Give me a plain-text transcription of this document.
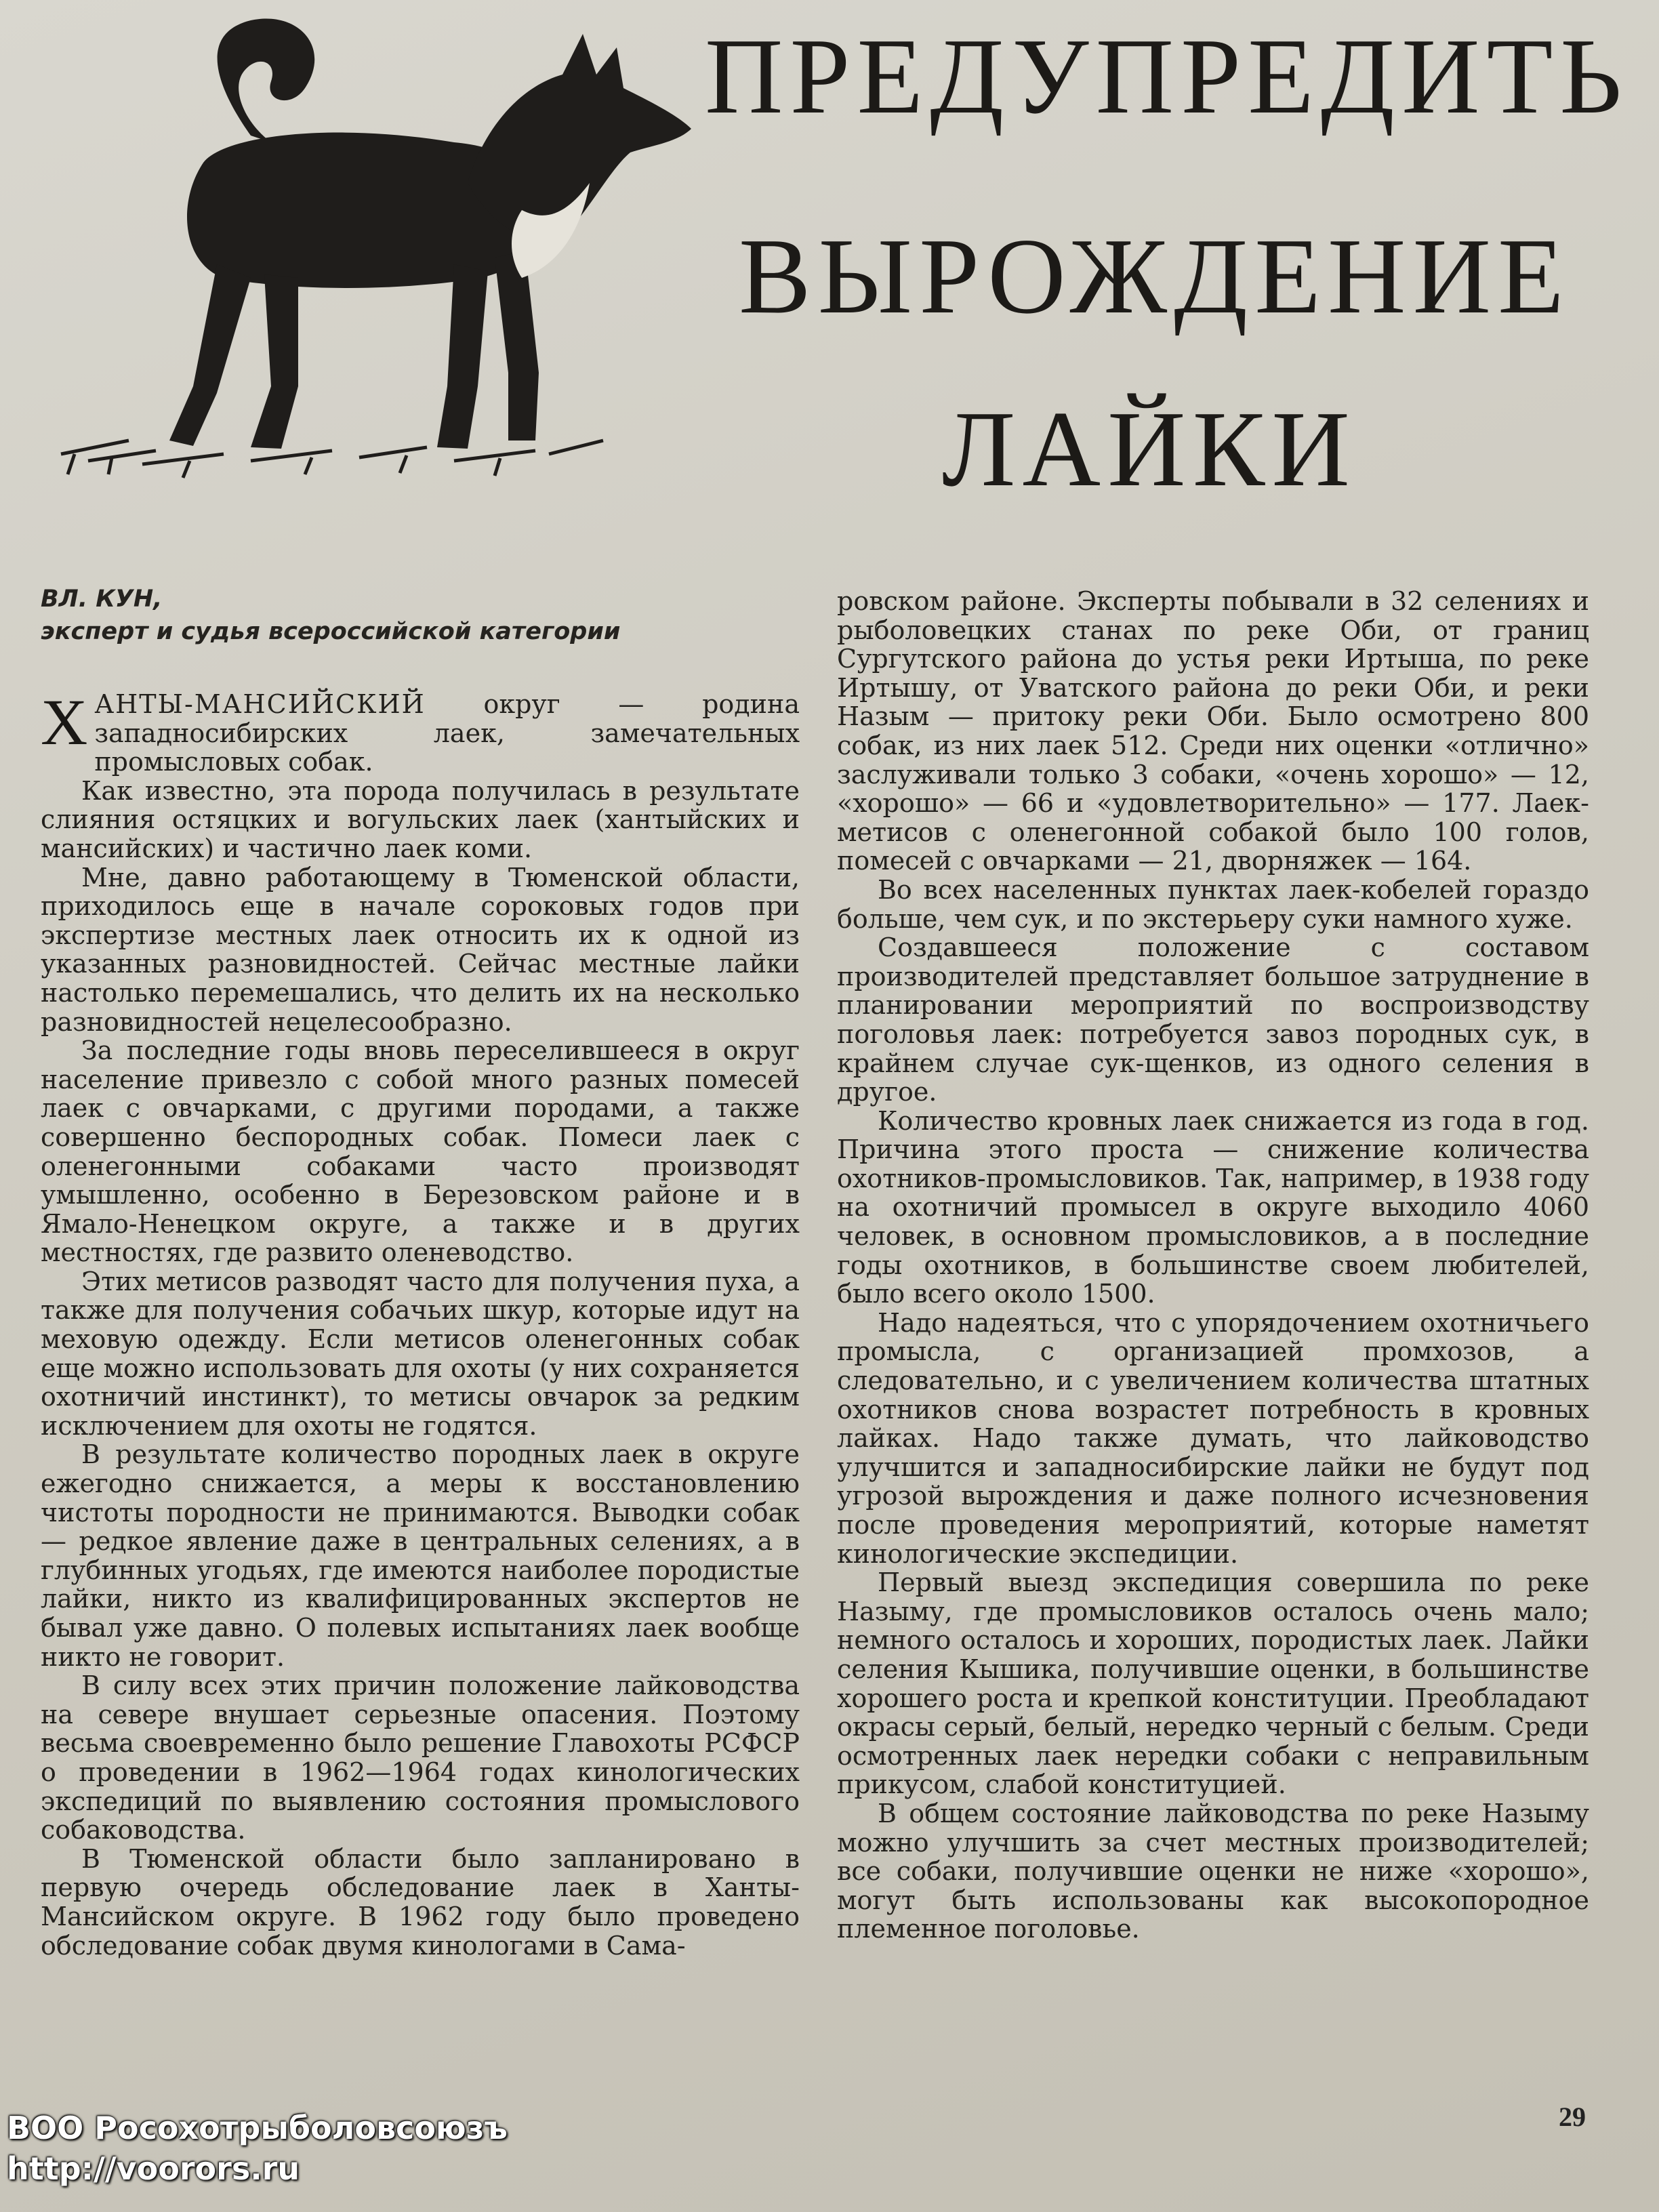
ПРЕДУПРЕДИТЬ
ВЫРОЖДЕНИЕ
ЛАЙКИ
ВЛ. КУН,
эксперт и судья всероссийской категории

ХАНТЫ-МАНСИЙСКИЙ округ — родина западносибирских лаек, замечательных промысловых собак.

Как известно, эта порода получилась в результате слияния остяцких и вогульских лаек (хантыйских и мансийских) и частично лаек коми.

Мне, давно работающему в Тюменской области, приходилось еще в начале сороковых годов при экспертизе местных лаек относить их к одной из указанных разновидностей. Сейчас местные лайки настолько перемешались, что делить их на несколько разновидностей нецелесообразно.

За последние годы вновь переселившееся в округ население привезло с собой много разных помесей лаек с овчарками, с другими породами, а также совершенно беспородных собак. Помеси лаек с оленегонными собаками часто производят умышленно, особенно в Березовском районе и в Ямало-Ненецком округе, а также и в других местностях, где развито оленеводство.

Этих метисов разводят часто для получения пуха, а также для получения собачьих шкур, которые идут на меховую одежду. Если метисов оленегонных собак еще можно использовать для охоты (у них сохраняется охотничий инстинкт), то метисы овчарок за редким исключением для охоты не годятся.

В результате количество породных лаек в округе ежегодно снижается, а меры к восстановлению чистоты породности не принимаются. Выводки собак — редкое явление даже в центральных селениях, а в глубинных угодьях, где имеются наиболее породистые лайки, никто из квалифицированных экспертов не бывал уже давно. О полевых испытаниях лаек вообще никто не говорит.

В силу всех этих причин положение лайководства на севере внушает серьезные опасения. Поэтому весьма своевременно было решение Главохоты РСФСР о проведении в 1962—1964 годах кинологических экспедиций по выявлению состояния промыслового собаководства.

В Тюменской области было запланировано в первую очередь обследование лаек в Ханты-Мансийском округе. В 1962 году было проведено обследование собак двумя кинологами в Сама-

ровском районе. Эксперты побывали в 32 селениях и рыболовецких станах по реке Оби, от границ Сургутского района до устья реки Иртыша, по реке Иртышу, от Уватского района до реки Оби, и реки Назым — притоку реки Оби. Было осмотрено 800 собак, из них лаек 512. Среди них оценки «отлично» заслуживали только 3 собаки, «очень хорошо» — 12, «хорошо» — 66 и «удовлетворительно» — 177. Лаек-метисов с оленегонной собакой было 100 голов, помесей с овчарками — 21, дворняжек — 164.

Во всех населенных пунктах лаек-кобелей гораздо больше, чем сук, и по экстерьеру суки намного хуже.

Создавшееся положение с составом производителей представляет большое затруднение в планировании мероприятий по воспроизводству поголовья лаек: потребуется завоз породных сук, в крайнем случае сук-щенков, из одного селения в другое.

Количество кровных лаек снижается из года в год. Причина этого проста — снижение количества охотников-промысловиков. Так, например, в 1938 году на охотничий промысел в округе выходило 4060 человек, в основном промысловиков, а в последние годы охотников, в большинстве своем любителей, было всего около 1500.

Надо надеяться, что с упорядочением охотничьего промысла, с организацией промхозов, а следовательно, и с увеличением количества штатных охотников снова возрастет потребность в кровных лайках. Надо также думать, что лайководство улучшится и западносибирские лайки не будут под угрозой вырождения и даже полного исчезновения после проведения мероприятий, которые наметят кинологические экспедиции.

Первый выезд экспедиция совершила по реке Назыму, где промысловиков осталось очень мало; немного осталось и хороших, породистых лаек. Лайки селения Кышика, получившие оценки, в большинстве хорошего роста и крепкой конституции. Преобладают окрасы серый, белый, нередко черный с белым. Среди осмотренных лаек нередки собаки с неправильным прикусом, слабой конституцией.

В общем состояние лайководства по реке Назыму можно улучшить за счет местных производителей; все собаки, получившие оценки не ниже «хорошо», могут быть использованы как высокопородное племенное поголовье.

29
ВОО Росохотрыболовсоюзъ
http://voorors.ru
